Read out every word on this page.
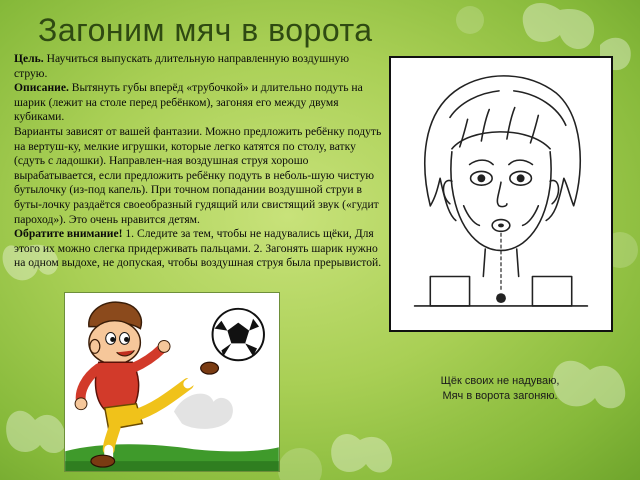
Загоним мяч в ворота

Цель. Научиться выпускать длительную направленную воздушную струю.

Описание. Вытянуть губы вперёд «трубочкой» и длительно подуть на шарик (лежит на столе перед ребёнком), загоняя его между двумя кубиками.

Варианты зависят от вашей фантазии. Можно предложить ребёнку подуть на вертуш-ку, мелкие игрушки, которые легко катятся по столу, ватку (сдуть с ладошки). Направлен-ная воздушная струя хорошо вырабатывается, если предложить ребёнку подуть в неболь-шую чистую бутылочку (из-под капель). При точном попадании воздушной струи в буты-лочку раздаётся своеобразный гудящий или свистящий звук («гудит пароход»). Это очень нравится детям.

Обратите внимание! 1. Следите за тем, чтобы не надувались щёки, Для этого их можно слегка придерживать пальцами. 2. Загонять шарик нужно на одном выдохе, не допуская, чтобы воздушная струя была прерывистой.

Щёк своих не надуваю,
Мяч в ворота загоняю.
